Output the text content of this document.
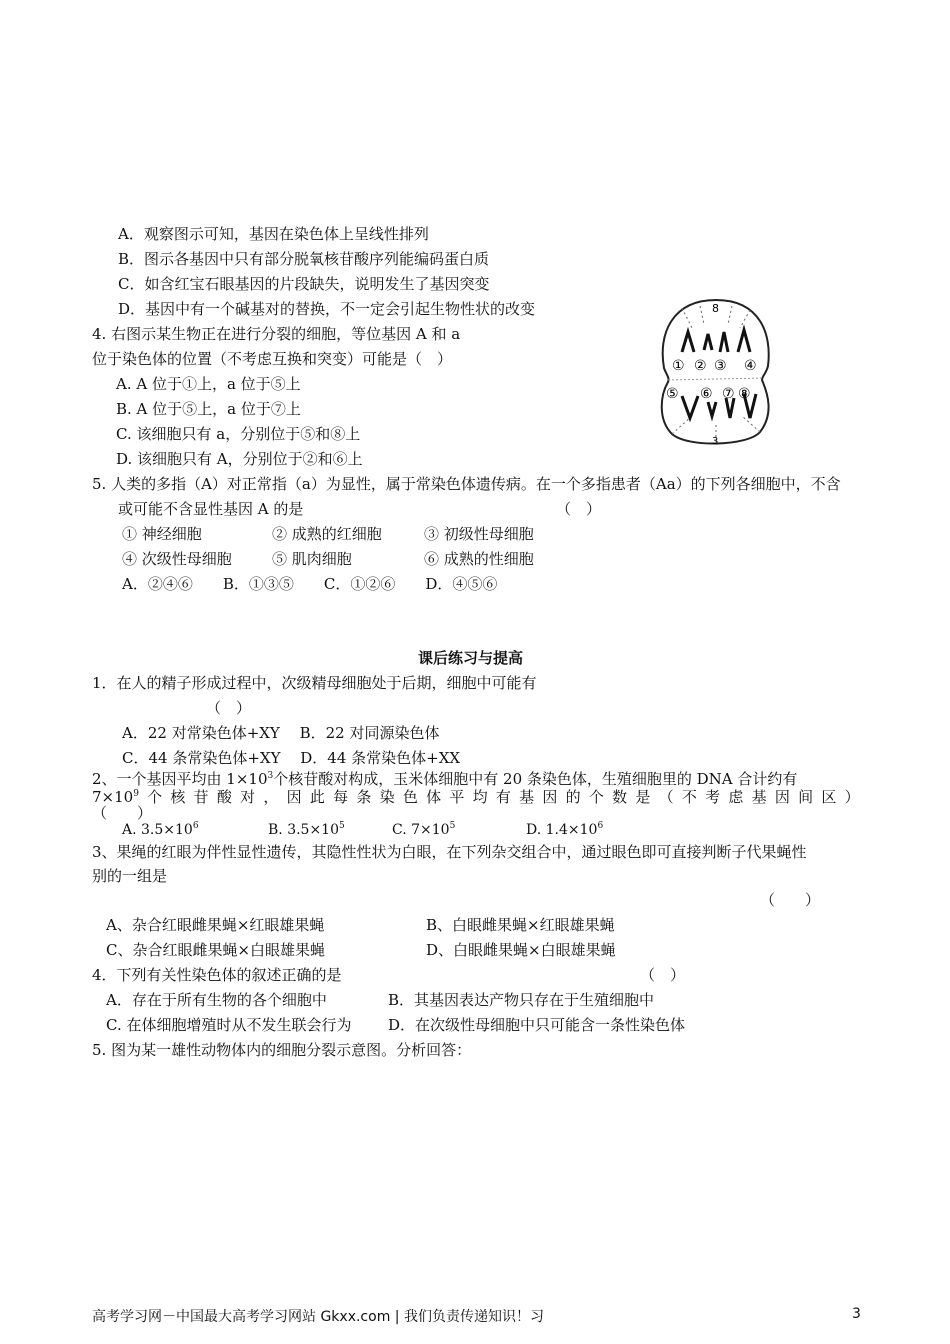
A．观察图示可知，基因在染色体上呈线性排列
B．图示各基因中只有部分脱氧核苷酸序列能编码蛋白质
C．如含红宝石眼基因的片段缺失，说明发生了基因突变
D．基因中有一个碱基对的替换，不一定会引起生物性状的改变
4. 右图示某生物正在进行分裂的细胞，等位基因 A 和 a
位于染色体的位置（不考虑互换和突变）可能是（　）
A. A 位于①上，a 位于⑤上
B. A 位于⑤上，a 位于⑦上
C. 该细胞只有 a，分别位于⑤和⑧上
D. 该细胞只有 A，分别位于②和⑥上
8
① ② ③ ④
⑤ ⑥ ⑦ ⑧
3
5. 人类的多指（A）对正常指（a）为显性，属于常染色体遗传病。在一个多指患者（Aa）的下列各细胞中，不含
或可能不含显性基因 A 的是	（　）
① 神经细胞	② 成熟的红细胞	③ 初级性母细胞
④ 次级性母细胞	⑤ 肌肉细胞	⑥ 成熟的性细胞
A．②④⑥　　B．①③⑤　　C．①②⑥　　D．④⑤⑥
课后练习与提高
1．在人的精子形成过程中，次级精母细胞处于后期，细胞中可能有
（　）
A．22 对常染色体+XY　 B．22 对同源染色体
C．44 条常染色体+XY　 D．44 条常染色体+XX
2、一个基因平均由 $1\times 10^3$个核苷酸对构成，玉米体细胞中有 20 条染色体，生殖细胞里的 DNA 合计约有
$7\times 10^9$ 个 核 苷 酸 对 ， 因 此 每 条 染 色 体 平 均 有 基 因 的 个 数 是 （ 不 考 虑 基 因 间 区 ）
（　　）
A. $3.5\times 10^6$	B. $3.5\times 10^5$	C. $7\times 10^5$	D. $1.4\times 10^6$
3、果绳的红眼为伴性显性遗传，其隐性性状为白眼，在下列杂交组合中，通过眼色即可直接判断子代果蝇性
别的一组是
（　　）
A、杂合红眼雌果蝇×红眼雄果蝇	B、白眼雌果蝇×红眼雄果蝇
C、杂合红眼雌果蝇×白眼雄果蝇	D、白眼雌果蝇×白眼雄果蝇
4．下列有关性染色体的叙述正确的是	（　）
A．存在于所有生物的各个细胞中	B．其基因表达产物只存在于生殖细胞中
C. 在体细胞增殖时从不发生联会行为 D．在次级性母细胞中只可能含一条性染色体
5. 图为某一雄性动物体内的细胞分裂示意图。分析回答：
高考学习网－中国最大高考学习网站 Gkxx.com | 我们负责传递知识！习	3
